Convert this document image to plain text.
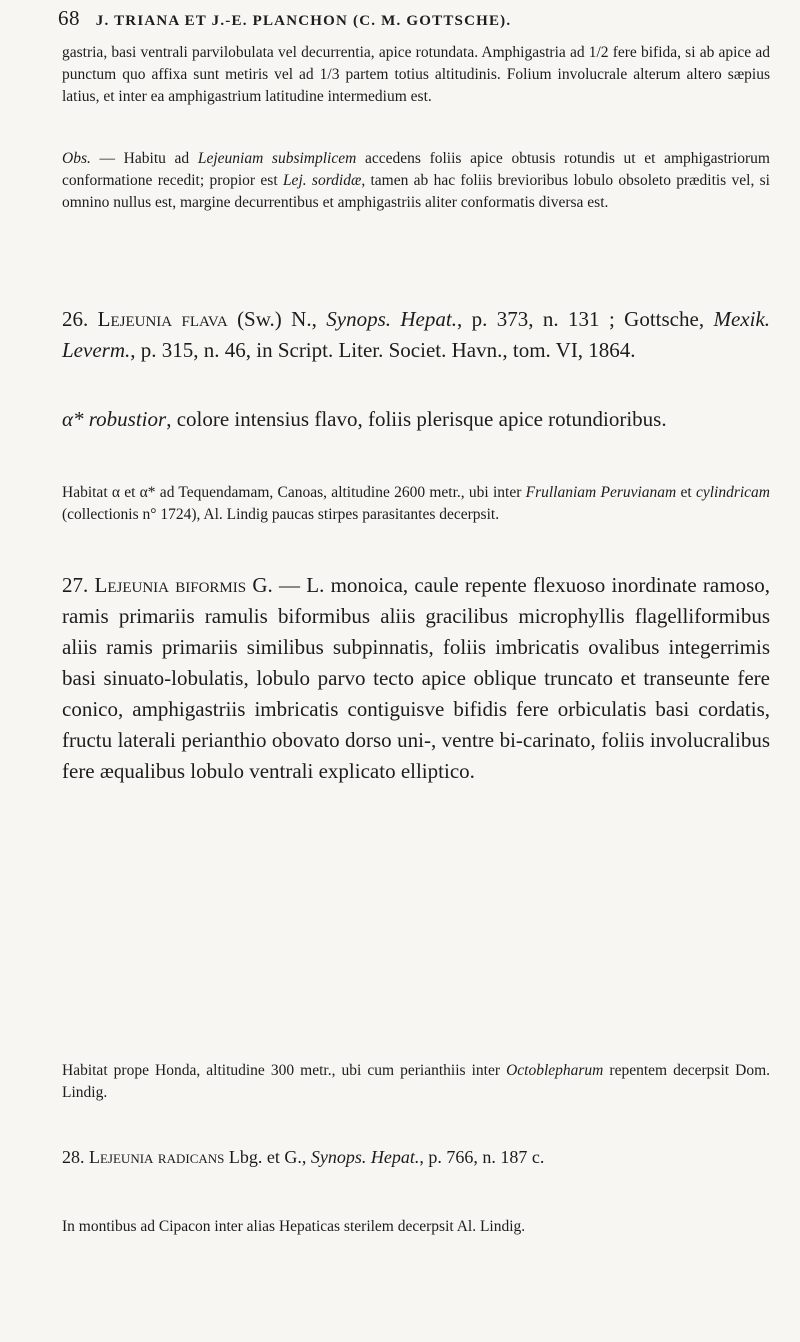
68 J. TRIANA ET J.-E. PLANCHON (C. M. GOTTSCHE).

gastria, basi ventrali parvilobulata vel decurrentia, apice rotundata. Amphigastria ad 1/2 fere bifida, si ab apice ad punctum quo affixa sunt metiris vel ad 1/3 partem totius altitudinis. Folium involucrale alterum altero sæpius latius, et inter ea amphigastrium latitudine intermedium est.

Obs. — Habitu ad Lejeuniam subsimplicem accedens foliis apice obtusis rotundis ut et amphigastriorum conformatione recedit; propior est Lej. sordidæ, tamen ab hac foliis brevioribus lobulo obsoleto præditis vel, si omnino nullus est, margine decurrentibus et amphigastriis aliter conformatis diversa est.

26. Lejeunia flava (Sw.) N., Synops. Hepat., p. 373, n. 131 ; Gottsche, Mexik. Leverm., p. 315, n. 46, in Script. Liter. Societ. Havn., tom. VI, 1864.

α* robustior, colore intensius flavo, foliis plerisque apice rotundioribus.

Habitat α et α* ad Tequendamam, Canoas, altitudine 2600 metr., ubi inter Frullaniam Peruvianam et cylindricam (collectionis n° 1724), Al. Lindig paucas stirpes parasitantes decerpsit.

27. Lejeunia biformis G. — L. monoica, caule repente flexuoso inordinate ramoso, ramis primariis ramulis biformibus aliis gracilibus microphyllis flagelliformibus aliis ramis primariis similibus subpinnatis, foliis imbricatis ovalibus integerrimis basi sinuato-lobulatis, lobulo parvo tecto apice oblique truncato et transeunte fere conico, amphigastriis imbricatis contiguisve bifidis fere orbiculatis basi cordatis, fructu laterali perianthio obovato dorso uni-, ventre bi-carinato, foliis involucralibus fere æqualibus lobulo ventrali explicato elliptico.

Habitat prope Honda, altitudine 300 metr., ubi cum perianthiis inter Octoblepharum repentem decerpsit Dom. Lindig.

28. Lejeunia radicans Lbg. et G., Synops. Hepat., p. 766, n. 187 c.

In montibus ad Cipacon inter alias Hepaticas sterilem decerpsit Al. Lindig.
